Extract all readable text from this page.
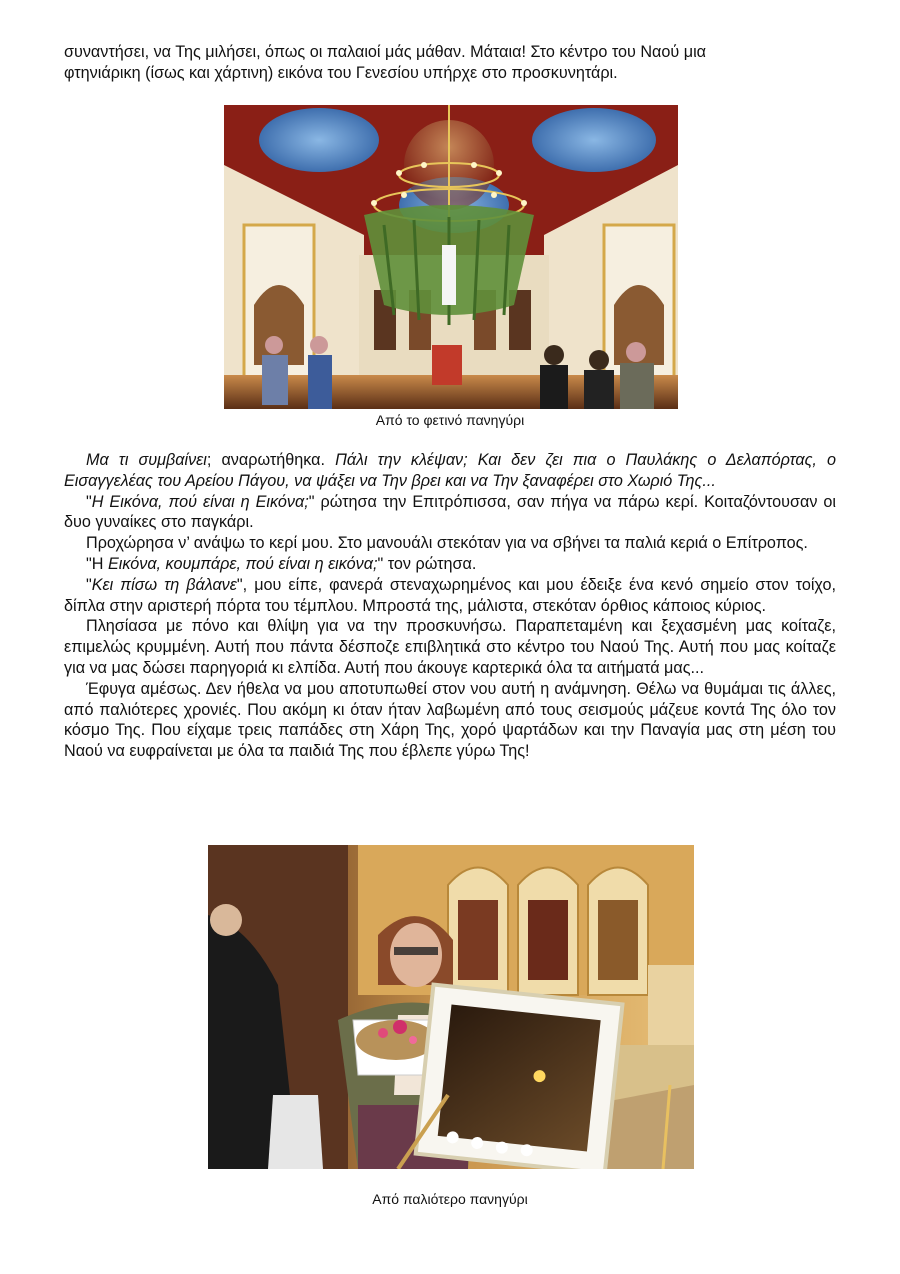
συναντήσει, να Της μιλήσει, όπως οι παλαιοί μάς μάθαν. Μάταια! Στο κέντρο του Ναού μια

φτηνιάρικη (ίσως και χάρτινη) εικόνα του Γενεσίου υπήρχε στο προσκυνητάρι.

Από το φετινό πανηγύρι

Μα τι συμβαίνει; αναρωτήθηκα. Πάλι την κλέψαν; Και δεν ζει πια ο Παυλάκης ο Δελαπόρτας, ο Εισαγγελέας του Αρείου Πάγου, να ψάξει να Την βρει και να Την ξαναφέρει στο Χωριό Της...

"Η Εικόνα, πού είναι η Εικόνα;" ρώτησα την Επιτρόπισσα, σαν πήγα να πάρω κερί. Κοιταζόντουσαν οι δυο γυναίκες στο παγκάρι.

Προχώρησα ν’ ανάψω το κερί μου. Στο μανουάλι στεκόταν για να σβήνει τα παλιά κεριά ο Επίτροπος.

"Η Εικόνα, κουμπάρε, πού είναι η εικόνα;" τον ρώτησα.

"Κει πίσω τη βάλανε", μου είπε, φανερά στεναχωρημένος και μου έδειξε ένα κενό σημείο στον τοίχο, δίπλα στην αριστερή πόρτα του τέμπλου. Μπροστά της, μάλιστα, στεκόταν όρθιος κάποιος κύριος.

Πλησίασα με πόνο και θλίψη για να την προσκυνήσω. Παραπεταμένη και ξεχασμένη μας κοίταζε, επιμελώς κρυμμένη. Αυτή που πάντα δέσποζε επιβλητικά στο κέντρο του Ναού Της. Αυτή που μας κοίταζε για να μας δώσει παρηγοριά κι ελπίδα. Αυτή που άκουγε καρτερικά όλα τα αιτήματά μας...

Έφυγα αμέσως. Δεν ήθελα να μου αποτυπωθεί στον νου αυτή η ανάμνηση. Θέλω να θυμάμαι τις άλλες, από παλιότερες χρονιές. Που ακόμη κι όταν ήταν λαβωμένη από τους σεισμούς μάζευε κοντά Της όλο τον κόσμο Της. Που είχαμε τρεις παπάδες στη Χάρη Της, χορό ψαρτάδων και την Παναγία μας στη μέση του Ναού να ευφραίνεται με όλα τα παιδιά Της που έβλεπε γύρω Της!

Από παλιότερο πανηγύρι
